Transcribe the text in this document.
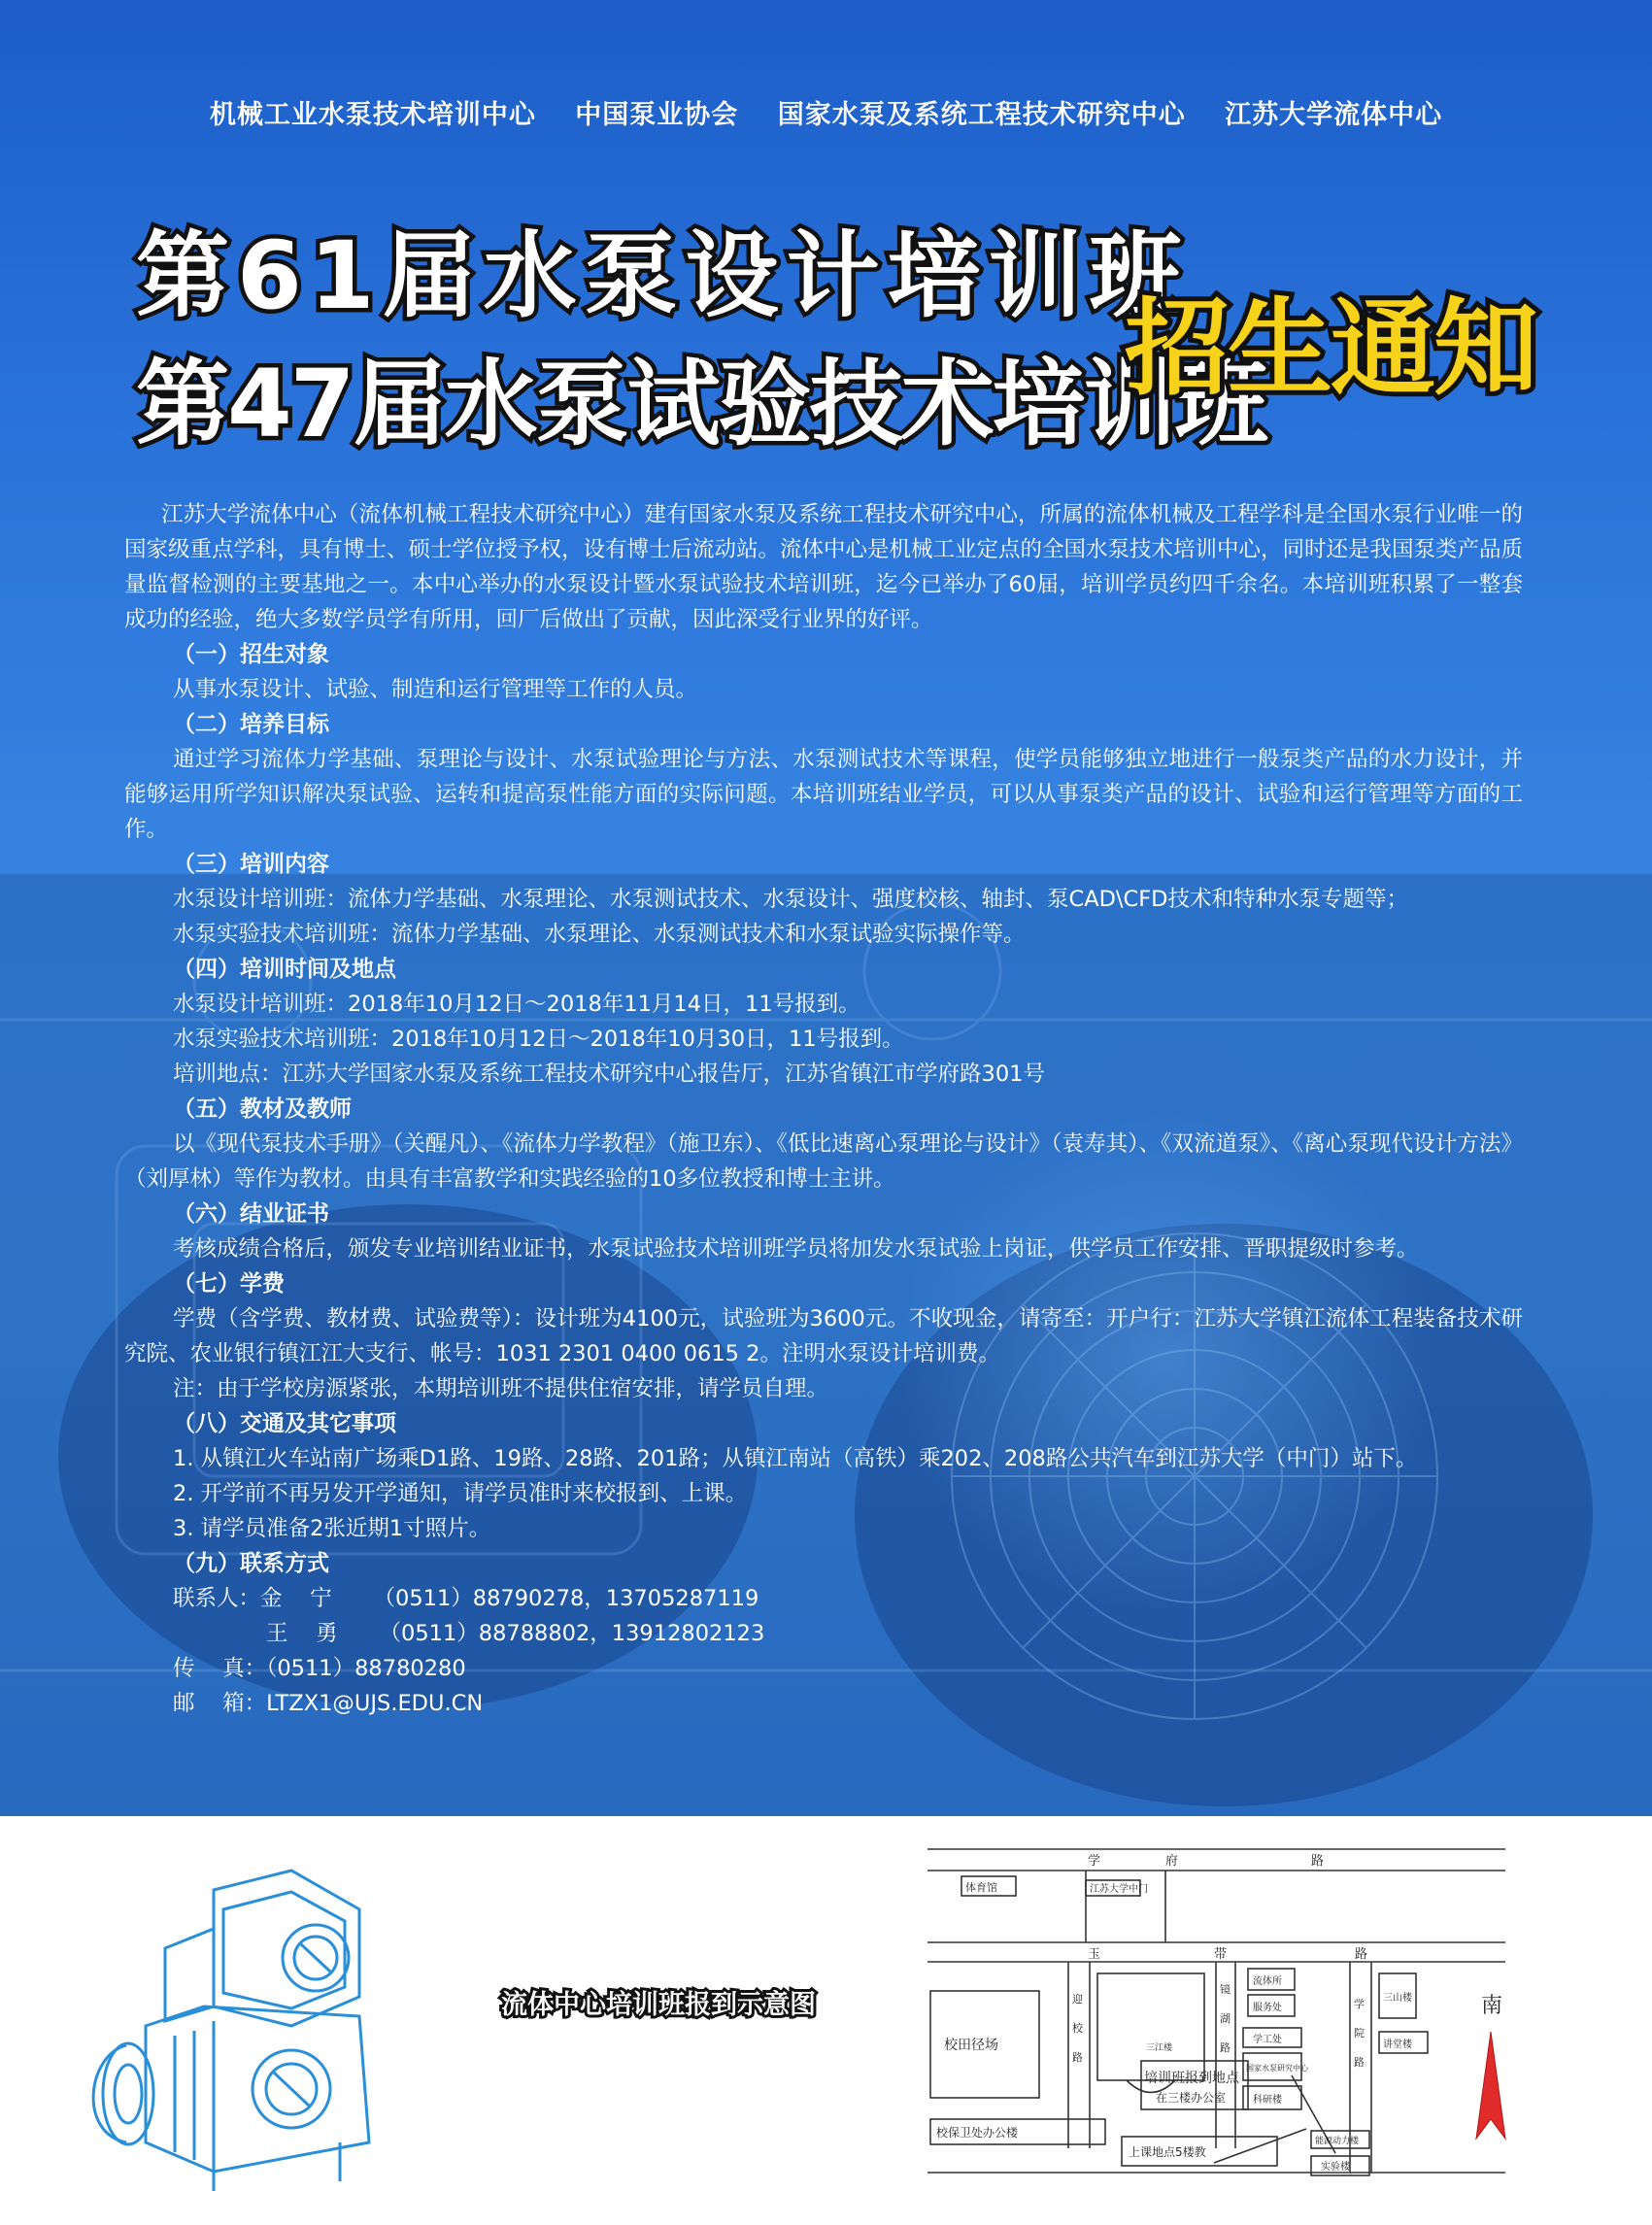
机械工业水泵技术培训中心 中国泵业协会 国家水泵及系统工程技术研究中心 江苏大学流体中心
第61届水泵设计培训班
第47届水泵试验技术培训班
招生通知

江苏大学流体中心（流体机械工程技术研究中心）建有国家水泵及系统工程技术研究中心，所属的流体机械及工程学科是全国水泵行业唯一的国家级重点学科，具有博士、硕士学位授予权，设有博士后流动站。流体中心是机械工业定点的全国水泵技术培训中心，同时还是我国泵类产品质量监督检测的主要基地之一。本中心举办的水泵设计暨水泵试验技术培训班，迄今已举办了60届，培训学员约四千余名。本培训班积累了一整套成功的经验，绝大多数学员学有所用，回厂后做出了贡献，因此深受行业界的好评。

（一）招生对象

从事水泵设计、试验、制造和运行管理等工作的人员。

（二）培养目标

通过学习流体力学基础、泵理论与设计、水泵试验理论与方法、水泵测试技术等课程，使学员能够独立地进行一般泵类产品的水力设计，并能够运用所学知识解决泵试验、运转和提高泵性能方面的实际问题。本培训班结业学员，可以从事泵类产品的设计、试验和运行管理等方面的工作。

（三）培训内容

水泵设计培训班：流体力学基础、水泵理论、水泵测试技术、水泵设计、强度校核、轴封、泵CAD\CFD技术和特种水泵专题等；

水泵实验技术培训班：流体力学基础、水泵理论、水泵测试技术和水泵试验实际操作等。

（四）培训时间及地点

水泵设计培训班：2018年10月12日～2018年11月14日，11号报到。

水泵实验技术培训班：2018年10月12日～2018年10月30日，11号报到。

培训地点：江苏大学国家水泵及系统工程技术研究中心报告厅，江苏省镇江市学府路301号

（五）教材及教师

以《现代泵技术手册》（关醒凡）、《流体力学教程》（施卫东）、《低比速离心泵理论与设计》（袁寿其）、《双流道泵》、《离心泵现代设计方法》（刘厚林）等作为教材。由具有丰富教学和实践经验的10多位教授和博士主讲。

（六）结业证书

考核成绩合格后，颁发专业培训结业证书，水泵试验技术培训班学员将加发水泵试验上岗证，供学员工作安排、晋职提级时参考。

（七）学费

学费（含学费、教材费、试验费等）：设计班为4100元，试验班为3600元。不收现金，请寄至：开户行：江苏大学镇江流体工程装备技术研究院、农业银行镇江江大支行、帐号：1031 2301 0400 0615 2。注明水泵设计培训费。

注：由于学校房源紧张，本期培训班不提供住宿安排，请学员自理。

（八）交通及其它事项

1. 从镇江火车站南广场乘D1路、19路、28路、201路；从镇江南站（高铁）乘202、208路公共汽车到江苏大学（中门）站下。

2. 开学前不再另发开学通知，请学员准时来校报到、上课。

3. 请学员准备2张近期1寸照片。

（九）联系方式

联系人：金    宁      （0511）88790278，13705287119

王    勇      （0511）88788802，13912802123

传    真：（0511）88780280

邮    箱：LTZX1@UJS.EDU.CN

流体中心培训班报到示意图
学	府	路
江苏大学中门
体育馆
玉	带	路
校田径场
迎
校
路
镜
湖
路
学
院
路
流体所
服务处
学工处
国家水泵研究中心
科研楼
三山楼
讲堂楼
培训班报到地点
在三楼办公室
校保卫处办公楼
上课地点5楼教
能源动力楼
实验楼
三江楼
南
